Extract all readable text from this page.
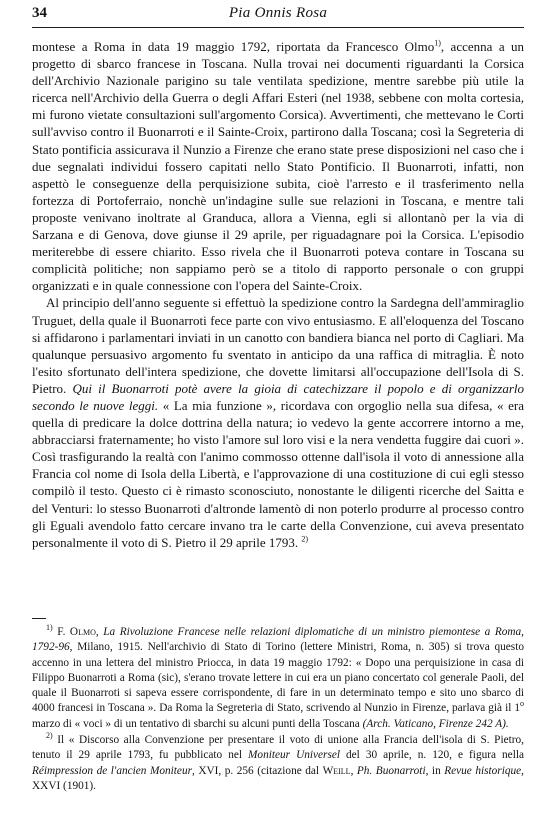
34	Pia Onnis Rosa

montese a Roma in data 19 maggio 1792, riportata da Francesco Olmo$^{1)}$, accenna a un progetto di sbarco francese in Toscana. Nulla trovai nei documenti riguardanti la Corsica dell'Archivio Nazionale parigino su tale ventilata spedizione, mentre sarebbe più utile la ricerca nell'Archivio della Guerra o degli Affari Esteri (nel 1938, sebbene con molta cortesia, mi furono vietate consultazioni sull'argomento Corsica). Avvertimenti, che mettevano le Corti sull'avviso contro il Buonarroti e il Sainte-Croix, partirono dalla Toscana; così la Segreteria di Stato pontificia assicurava il Nunzio a Firenze che erano state prese disposizioni nel caso che i due segnalati individui fossero capitati nello Stato Pontificio. Il Buonarroti, infatti, non aspettò le conseguenze della perquisizione subita, cioè l'arresto e il trasferimento nella fortezza di Portoferraio, nonchè un'indagine sulle sue relazioni in Toscana, e mentre tali proposte venivano inoltrate al Granduca, allora a Vienna, egli si allontanò per la via di Sarzana e di Genova, dove giunse il 29 aprile, per riguadagnare poi la Corsica. L'episodio meriterebbe di essere chiarito. Esso rivela che il Buonarroti poteva contare in Toscana su complicità politiche; non sappiamo però se a titolo di rapporto personale o con gruppi organizzati e in quale connessione con l'opera del Sainte-Croix.

Al principio dell'anno seguente si effettuò la spedizione contro la Sardegna dell'ammiraglio Truguet, della quale il Buonarroti fece parte con vivo entusiasmo. E all'eloquenza del Toscano si affidarono i parlamentari inviati in un canotto con bandiera bianca nel porto di Cagliari. Ma qualunque persuasivo argomento fu sventato in anticipo da una raffica di mitraglia. È noto l'esito sfortunato dell'intera spedizione, che dovette limitarsi all'occupazione dell'Isola di S. Pietro. Qui il Buonarroti potè avere la gioia di catechizzare il popolo e di organizzarlo secondo le nuove leggi. « La mia funzione », ricordava con orgoglio nella sua difesa, « era quella di predicare la dolce dottrina della natura; io vedevo la gente accorrere intorno a me, abbracciarsi fraternamente; ho visto l'amore sul loro visi e la nera vendetta fuggire dai cuori ». Così trasfigurando la realtà con l'animo commosso ottenne dall'isola il voto di annessione alla Francia col nome di Isola della Libertà, e l'approvazione di una costituzione di cui egli stesso compilò il testo. Questo ci è rimasto sconosciuto, nonostante le diligenti ricerche del Saitta e del Venturi: lo stesso Buonarroti d'altronde lamentò di non poterlo produrre al processo contro gli Eguali avendolo fatto cercare invano tra le carte della Convenzione, cui aveva presentato personalmente il voto di S. Pietro il 29 aprile 1793. $^{2)}$

$^{1)}$ F. Olmo, La Rivoluzione Francese nelle relazioni diplomatiche di un ministro piemontese a Roma, 1792-96, Milano, 1915. Nell'archivio di Stato di Torino (lettere Ministri, Roma, n. 305) si trova questo accenno in una lettera del ministro Priocca, in data 19 maggio 1792: « Dopo una perquisizione in casa di Filippo Buonarroti a Roma (sic), s'erano trovate lettere in cui era un piano concertato col generale Paoli, del quale il Buonarroti si sapeva essere corrispondente, di fare in un determinato tempo e sito uno sbarco di 4000 francesi in Toscana ». Da Roma la Segreteria di Stato, scrivendo al Nunzio in Firenze, parlava già il 1$^o$ marzo di « voci » di un tentativo di sbarchi su alcuni punti della Toscana (Arch. Vaticano, Firenze 242 A).

$^{2)}$ Il « Discorso alla Convenzione per presentare il voto di unione alla Francia dell'isola di S. Pietro, tenuto il 29 aprile 1793, fu pubblicato nel Moniteur Universel del 30 aprile, n. 120, e figura nella Réimpression de l'ancien Moniteur, XVI, p. 256 (citazione dal Weill, Ph. Buonarroti, in Revue historique, XXVI (1901).
